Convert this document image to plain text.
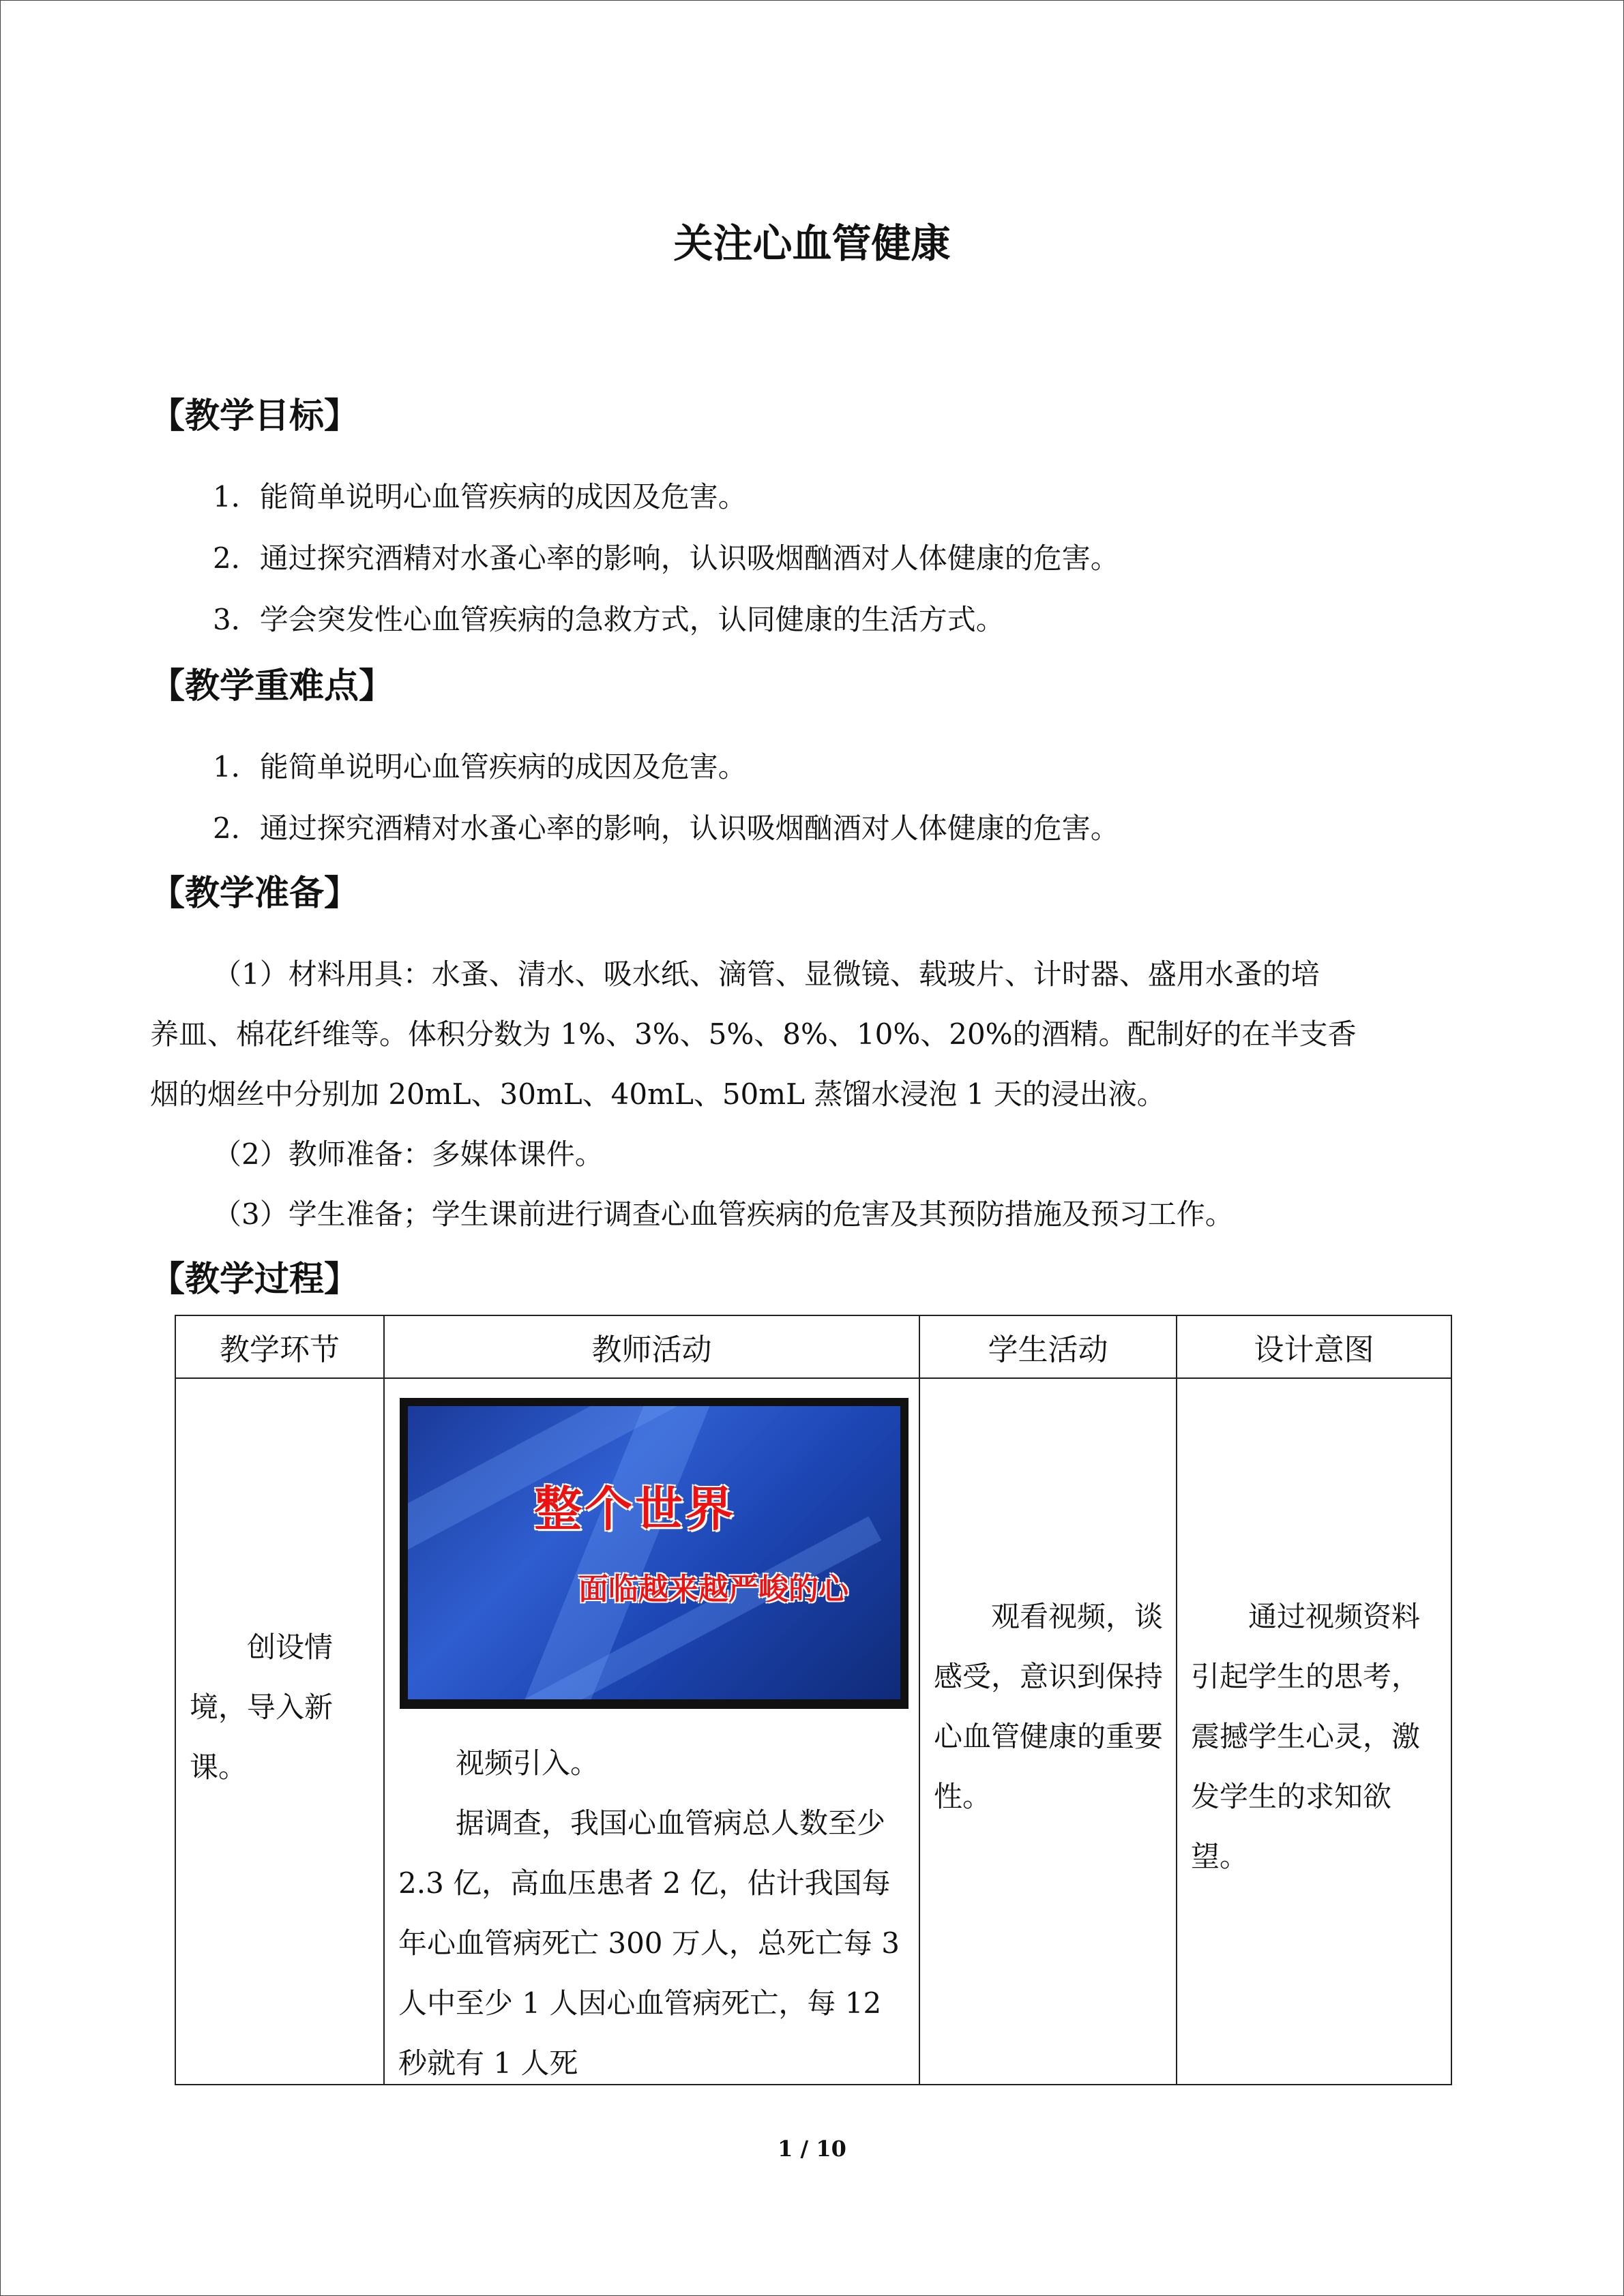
关注心血管健康
【教学目标】
1．能简单说明心血管疾病的成因及危害。
2．通过探究酒精对水蚤心率的影响，认识吸烟酗酒对人体健康的危害。
3．学会突发性心血管疾病的急救方式，认同健康的生活方式。
【教学重难点】
1．能简单说明心血管疾病的成因及危害。
2．通过探究酒精对水蚤心率的影响，认识吸烟酗酒对人体健康的危害。
【教学准备】
（1）材料用具：水蚤、清水、吸水纸、滴管、显微镜、载玻片、计时器、盛用水蚤的培
养皿、棉花纤维等。体积分数为 1%、3%、5%、8%、10%、20%的酒精。配制好的在半支香
烟的烟丝中分别加 20mL、30mL、40mL、50mL 蒸馏水浸泡 1 天的浸出液。
（2）教师准备：多媒体课件。
（3）学生准备；学生课前进行调查心血管疾病的危害及其预防措施及预习工作。
【教学过程】
教学环节	教师活动	学生活动	设计意图

创设情境，导入新课。	整个世界
面临越来越严峻的心
视频引入。
据调查，我国心血管病总人数至少 2.3 亿，高血压患者 2 亿，估计我国每年心血管病死亡 300 万人，总死亡每 3 人中至少 1 人因心血管病死亡，每 12 秒就有 1 人死	观看视频，谈感受，意识到保持心血管健康的重要性。	通过视频资料引起学生的思考，震撼学生心灵，激发学生的求知欲望。
1 / 10
